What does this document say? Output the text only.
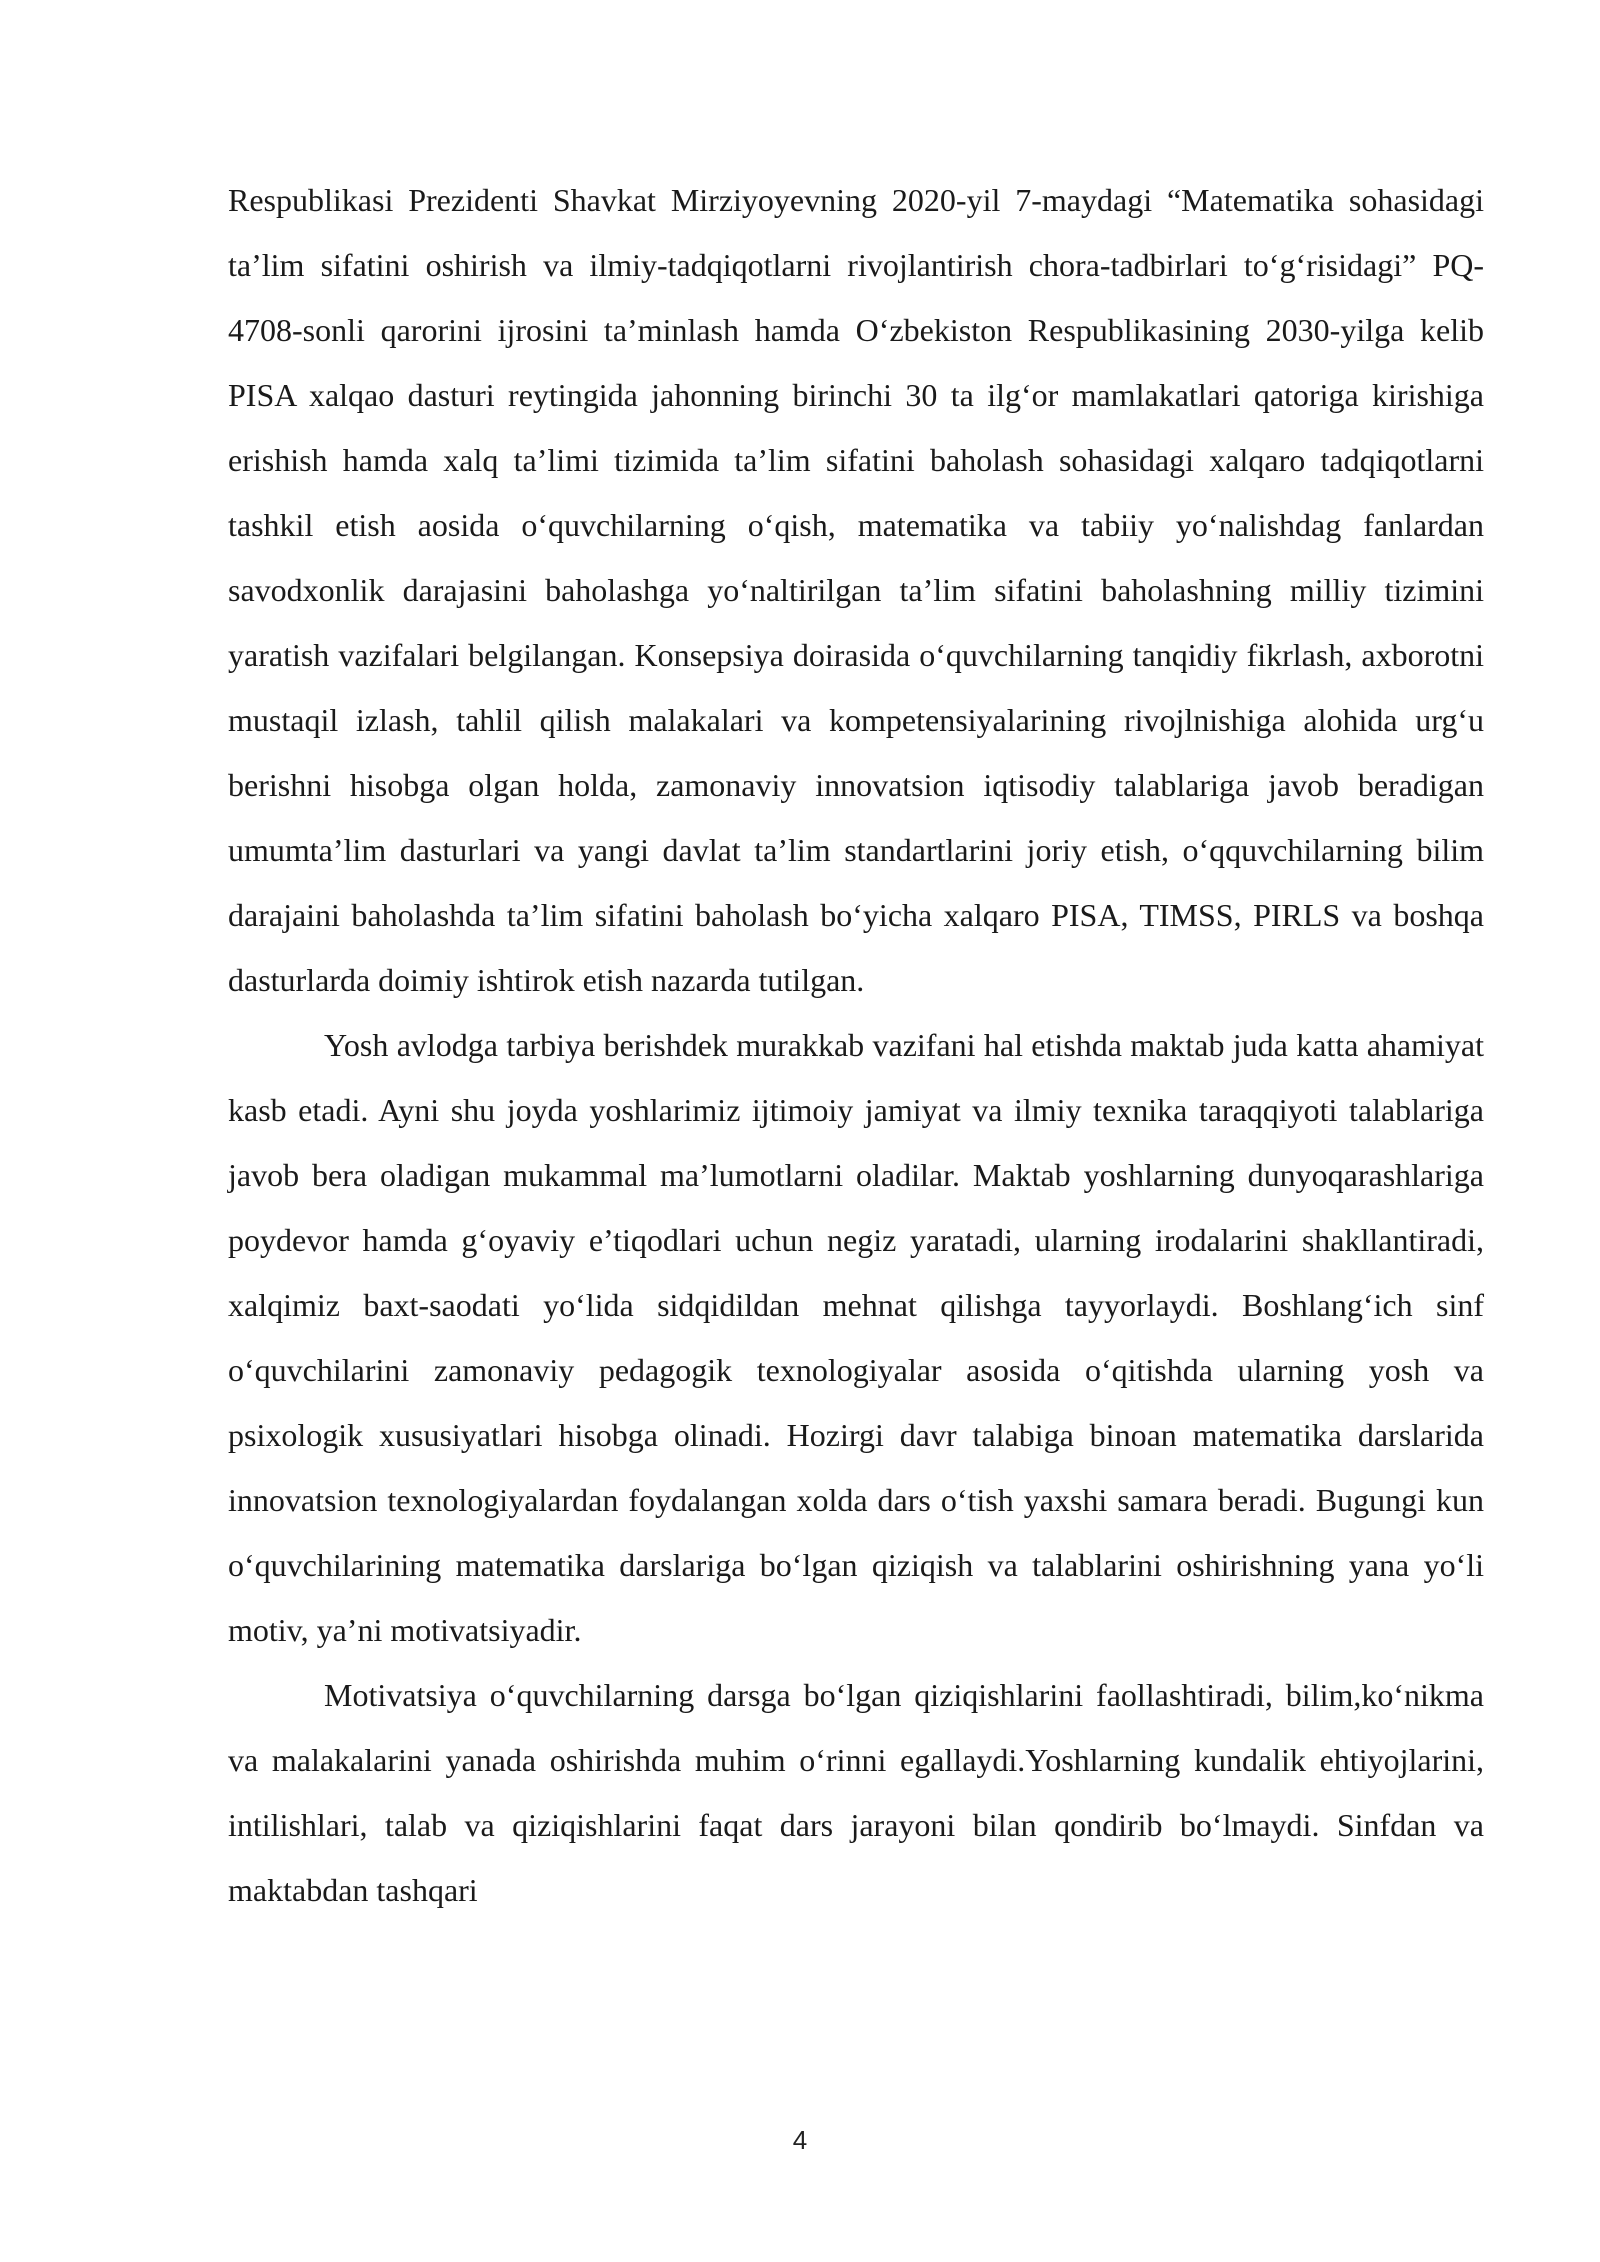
Respublikasi Prezidenti Shavkat Mirziyoyevning 2020-yil 7-maydagi “Matematika sohasidagi ta’lim sifatini oshirish va ilmiy-tadqiqotlarni rivojlantirish chora-tadbirlari to‘g‘risidagi” PQ-4708-sonli qarorini ijrosini ta’minlash hamda O‘zbekiston Respublikasining 2030-yilga kelib PISA xalqao dasturi reytingida jahonning birinchi 30 ta ilg‘or mamlakatlari qatoriga kirishiga erishish hamda xalq ta’limi tizimida ta’lim sifatini baholash sohasidagi xalqaro tadqiqotlarni tashkil etish aosida o‘quvchilarning o‘qish, matematika va tabiiy yo‘nalishdag fanlardan savodxonlik darajasini baholashga yo‘naltirilgan ta’lim sifatini baholashning milliy tizimini yaratish vazifalari belgilangan. Konsepsiya doirasida o‘quvchilarning tanqidiy fikrlash, axborotni mustaqil izlash, tahlil qilish malakalari va kompetensiyalarining rivojlnishiga alohida urg‘u berishni hisobga olgan holda, zamonaviy innovatsion iqtisodiy talablariga javob beradigan umumta’lim dasturlari va yangi davlat ta’lim standartlarini joriy etish, o‘qquvchilarning bilim darajaini baholashda ta’lim sifatini baholash bo‘yicha xalqaro PISA, TIMSS, PIRLS va boshqa dasturlarda doimiy ishtirok etish nazarda tutilgan.

Yosh avlodga tarbiya berishdek murakkab vazifani hal etishda maktab juda katta ahamiyat kasb etadi. Ayni shu joyda yoshlarimiz ijtimoiy jamiyat va ilmiy texnika taraqqiyoti talablariga javob bera oladigan mukammal ma’lumotlarni oladilar. Maktab yoshlarning dunyoqarashlariga poydevor hamda g‘oyaviy e’tiqodlari uchun negiz yaratadi, ularning irodalarini shakllantiradi, xalqimiz baxt-saodati yo‘lida sidqidildan mehnat qilishga tayyorlaydi. Boshlang‘ich sinf o‘quvchilarini zamonaviy pedagogik texnologiyalar asosida o‘qitishda ularning yosh va psixologik xususiyatlari hisobga olinadi. Hozirgi davr talabiga binoan matematika darslarida innovatsion texnologiyalardan foydalangan xolda dars o‘tish yaxshi samara beradi. Bugungi kun o‘quvchilarining matematika darslariga bo‘lgan qiziqish va talablarini oshirishning yana yo‘li motiv, ya’ni motivatsiyadir.

Motivatsiya o‘quvchilarning darsga bo‘lgan qiziqishlarini faollashtiradi, bilim,ko‘nikma va malakalarini yanada oshirishda muhim o‘rinni egallaydi.Yoshlarning kundalik ehtiyojlarini, intilishlari, talab va qiziqishlarini faqat dars jarayoni bilan qondirib bo‘lmaydi. Sinfdan va maktabdan tashqari

4
